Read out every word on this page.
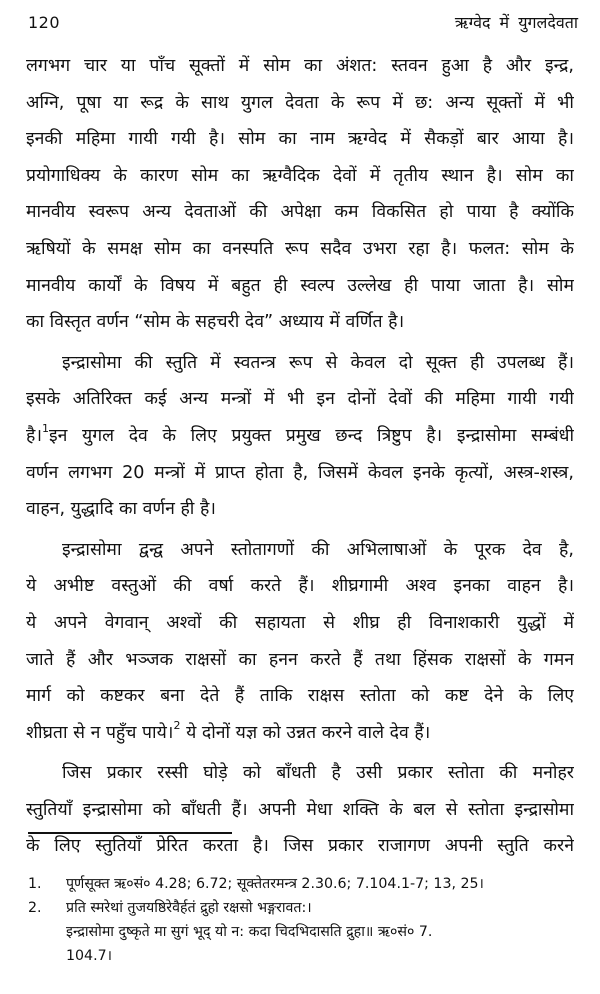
120	ऋग्वेद में युगलदेवता

लगभग चार या पाँच सूक्तों में सोम का अंशत: स्तवन हुआ है और इन्द्र,
अग्नि, पूषा या रूद्र के साथ युगल देवता के रूप में छ: अन्य सूक्तों में भी
इनकी महिमा गायी गयी है। सोम का नाम ऋग्वेद में सैकड़ों बार आया है।
प्रयोगाधिक्य के कारण सोम का ऋग्वैदिक देवों में तृतीय स्थान है। सोम का
मानवीय स्वरूप अन्य देवताओं की अपेक्षा कम विकसित हो पाया है क्योंकि
ऋषियों के समक्ष सोम का वनस्पति रूप सदैव उभरा रहा है। फलत: सोम के
मानवीय कार्यों के विषय में बहुत ही स्वल्प उल्लेख ही पाया जाता है। सोम
का विस्तृत वर्णन “सोम के सहचरी देव” अध्याय में वर्णित है।

इन्द्रासोमा की स्तुति में स्वतन्त्र रूप से केवल दो सूक्त ही उपलब्ध हैं।
इसके अतिरिक्त कई अन्य मन्त्रों में भी इन दोनों देवों की महिमा गायी गयी
है।$^1$इन युगल देव के लिए प्रयुक्त प्रमुख छन्द त्रिष्टुप है। इन्द्रासोमा सम्बंधी
वर्णन लगभग 20 मन्त्रों में प्राप्त होता है, जिसमें केवल इनके कृत्यों, अस्त्र-शस्त्र,
वाहन, युद्धादि का वर्णन ही है।

इन्द्रासोमा द्वन्द्व अपने स्तोतागणों की अभिलाषाओं के पूरक देव है,
ये अभीष्ट वस्तुओं की वर्षा करते हैं। शीघ्रगामी अश्व इनका वाहन है।
ये अपने वेगवान् अश्वों की सहायता से शीघ्र ही विनाशकारी युद्धों में
जाते हैं और भञ्जक राक्षसों का हनन करते हैं तथा हिंसक राक्षसों के गमन
मार्ग को कष्टकर बना देते हैं ताकि राक्षस स्तोता को कष्ट देने के लिए
शीघ्रता से न पहुँच पाये।$^2$ ये दोनों यज्ञ को उन्नत करने वाले देव हैं।

जिस प्रकार रस्सी घोड़े को बाँधती है उसी प्रकार स्तोता की मनोहर
स्तुतियाँ इन्द्रासोमा को बाँधती हैं। अपनी मेधा शक्ति के बल से स्तोता इन्द्रासोमा
के लिए स्तुतियाँ प्रेरित करता है। जिस प्रकार राजागण अपनी स्तुति करने

1.	पूर्णसूक्त ऋ०सं० 4.28; 6.72; सूक्तेतरमन्त्र 2.30.6; 7.104.1-7; 13, 25।
2.	प्रति स्मरेथां तुजयष्ठिरेवैर्हतं द्रुहो रक्षसो भङ्गरावत:।
इन्द्रासोमा दुष्कृते मा सुगं भूद् यो न: कदा चिदभिदासति द्रुहा॥ ऋ०सं० 7.
104.7।
